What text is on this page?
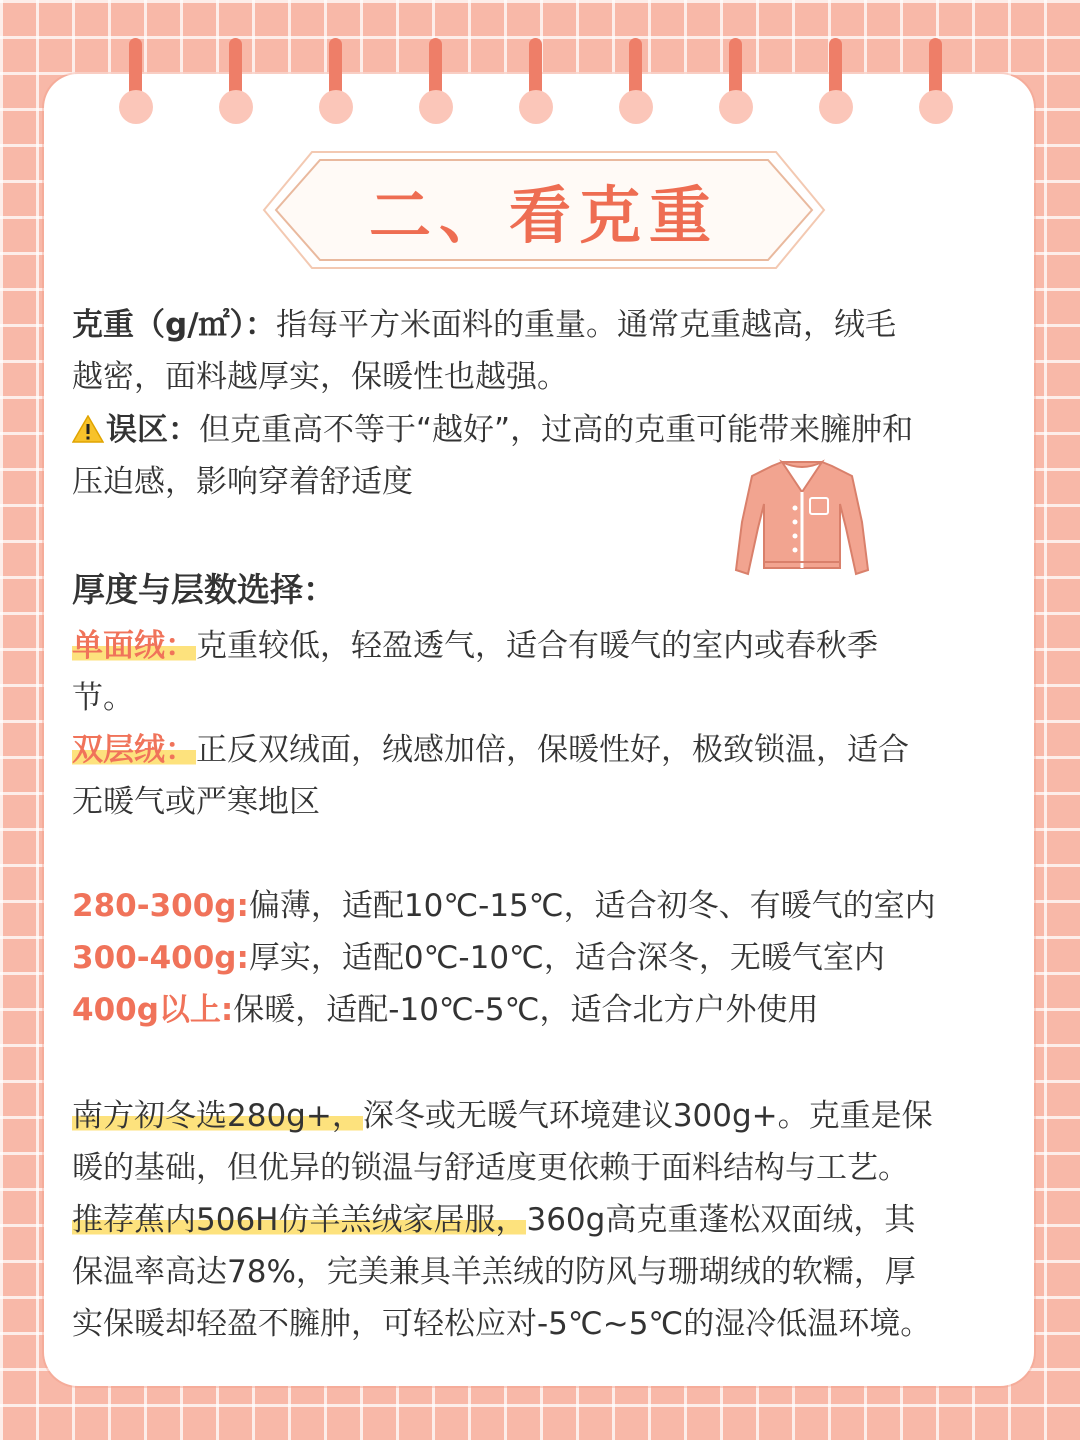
二、看克重
克重（g/㎡）：指每平方米面料的重量。通常克重越高，绒毛
越密，面料越厚实，保暖性也越强。
误区：但克重高不等于“越好”，过高的克重可能带来臃肿和
压迫感，影响穿着舒适度
厚度与层数选择：
单面绒：克重较低，轻盈透气，适合有暖气的室内或春秋季
节。
双层绒：正反双绒面，绒感加倍，保暖性好，极致锁温，适合
无暖气或严寒地区
280-300g:偏薄，适配10℃-15℃，适合初冬、有暖气的室内
300-400g:厚实，适配0℃-10℃，适合深冬，无暖气室内
400g以上:保暖，适配-10℃-5℃，适合北方户外使用
南方初冬选280g+，深冬或无暖气环境建议300g+。克重是保
暖的基础，但优异的锁温与舒适度更依赖于面料结构与工艺。
推荐蕉内506H仿羊羔绒家居服，360g高克重蓬松双面绒，其
保温率高达78%，完美兼具羊羔绒的防风与珊瑚绒的软糯，厚
实保暖却轻盈不臃肿，可轻松应对-5℃~5℃的湿冷低温环境。
